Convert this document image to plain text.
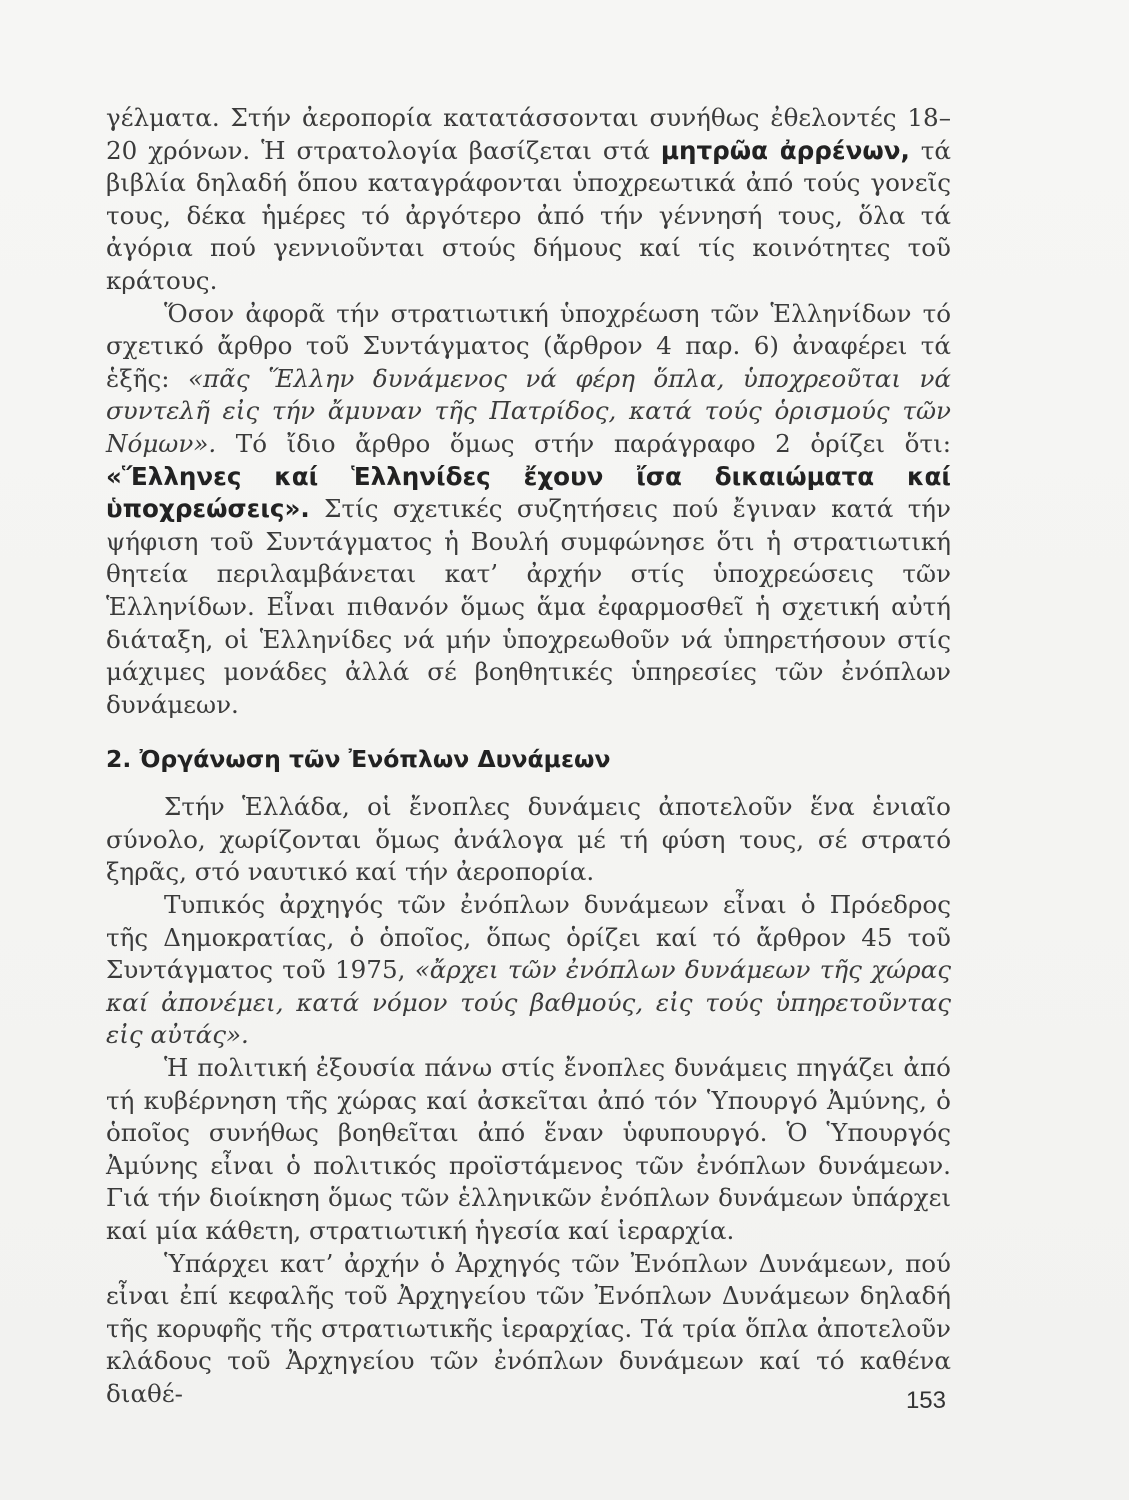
γέλματα. Στήν ἀεροπορία κατατάσσονται συνήθως ἐθελοντές 18–20 χρόνων. Ἡ στρατολογία βασίζεται στά μητρῶα ἀρρένων, τά βιβλία δηλαδή ὅπου καταγράφονται ὑποχρεωτικά ἀπό τούς γονεῖς τους, δέκα ἡμέρες τό ἀργότερο ἀπό τήν γέννησή τους, ὅλα τά ἀγόρια πού γεννιοῦνται στούς δήμους καί τίς κοινότητες τοῦ κράτους.

Ὅσον ἀφορᾶ τήν στρατιωτική ὑποχρέωση τῶν Ἑλληνίδων τό σχετικό ἄρθρο τοῦ Συντάγματος (ἄρθρον 4 παρ. 6) ἀναφέρει τά ἑξῆς: «πᾶς Ἕλλην δυνάμενος νά φέρη ὅπλα, ὑποχρεοῦται νά συντελῆ εἰς τήν ἄμυναν τῆς Πατρίδος, κατά τούς ὁρισμούς τῶν Νόμων». Τό ἴδιο ἄρθρο ὅμως στήν παράγραφο 2 ὁρίζει ὅτι: «Ἕλληνες καί Ἑλληνίδες ἔχουν ἴσα δικαιώματα καί ὑποχρεώσεις». Στίς σχετικές συζητήσεις πού ἔγιναν κατά τήν ψήφιση τοῦ Συντάγματος ἡ Βουλή συμφώνησε ὅτι ἡ στρατιωτική θητεία περιλαμβάνεται κατ’ ἀρχήν στίς ὑποχρεώσεις τῶν Ἑλληνίδων. Εἶναι πιθανόν ὅμως ἅμα ἐφαρμοσθεῖ ἡ σχετική αὐτή διάταξη, οἱ Ἑλληνίδες νά μήν ὑποχρεωθοῦν νά ὑπηρετήσουν στίς μάχιμες μονάδες ἀλλά σέ βοηθητικές ὑπηρεσίες τῶν ἐνόπλων δυνάμεων.

2. Ὀργάνωση τῶν Ἐνόπλων Δυνάμεων

Στήν Ἑλλάδα, οἱ ἔνοπλες δυνάμεις ἀποτελοῦν ἕνα ἑνιαῖο σύνολο, χωρίζονται ὅμως ἀνάλογα μέ τή φύση τους, σέ στρατό ξηρᾶς, στό ναυτικό καί τήν ἀεροπορία.

Τυπικός ἀρχηγός τῶν ἐνόπλων δυνάμεων εἶναι ὁ Πρόεδρος τῆς Δημοκρατίας, ὁ ὁποῖος, ὅπως ὁρίζει καί τό ἄρθρον 45 τοῦ Συντάγματος τοῦ 1975, «ἄρχει τῶν ἐνόπλων δυνάμεων τῆς χώρας καί ἀπονέμει, κατά νόμον τούς βαθμούς, εἰς τούς ὑπηρετοῦντας εἰς αὐτάς».

Ἡ πολιτική ἐξουσία πάνω στίς ἔνοπλες δυνάμεις πηγάζει ἀπό τή κυβέρνηση τῆς χώρας καί ἀσκεῖται ἀπό τόν Ὑπουργό Ἀμύνης, ὁ ὁποῖος συνήθως βοηθεῖται ἀπό ἕναν ὑφυπουργό. Ὁ Ὑπουργός Ἀμύνης εἶναι ὁ πολιτικός προϊστάμενος τῶν ἐνόπλων δυνάμεων. Γιά τήν διοίκηση ὅμως τῶν ἑλληνικῶν ἐνόπλων δυνάμεων ὑπάρχει καί μία κάθετη, στρατιωτική ἡγεσία καί ἱεραρχία.

Ὑπάρχει κατ’ ἀρχήν ὁ Ἀρχηγός τῶν Ἐνόπλων Δυνάμεων, πού εἶναι ἐπί κεφαλῆς τοῦ Ἀρχηγείου τῶν Ἐνόπλων Δυνάμεων δηλαδή τῆς κορυφῆς τῆς στρατιωτικῆς ἱεραρχίας. Τά τρία ὅπλα ἀποτελοῦν κλάδους τοῦ Ἀρχηγείου τῶν ἐνόπλων δυνάμεων καί τό καθένα διαθέ-	153
